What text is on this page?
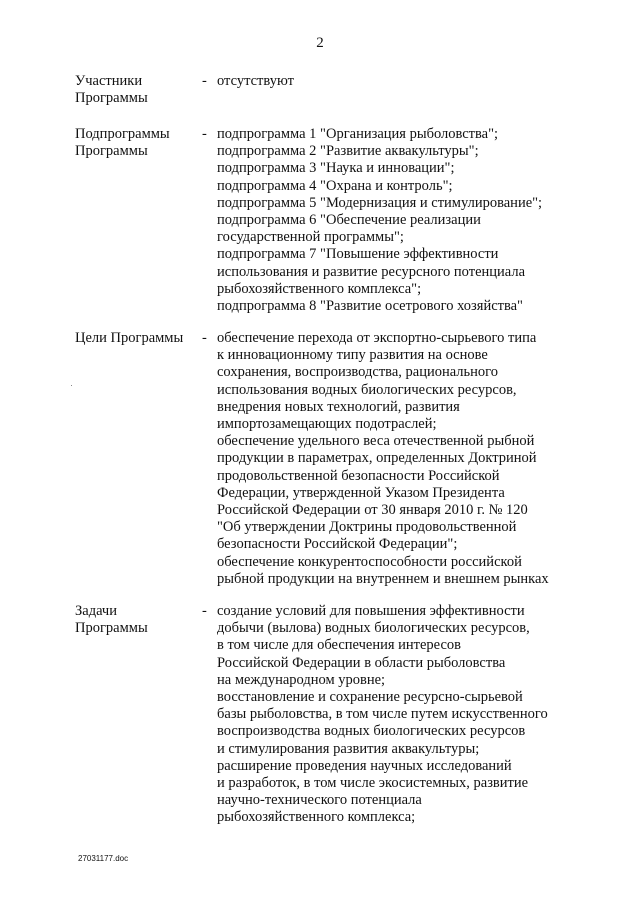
2
Участники
Программы
- отсутствуют
Подпрограммы
Программы
- подпрограмма 1 "Организация рыболовства";
подпрограмма 2 "Развитие аквакультуры";
подпрограмма 3 "Наука и инновации";
подпрограмма 4 "Охрана и контроль";
подпрограмма 5 "Модернизация и стимулирование";
подпрограмма 6 "Обеспечение реализации
государственной программы";
подпрограмма 7 "Повышение эффективности
использования и развитие ресурсного потенциала
рыбохозяйственного комплекса";
подпрограмма 8 "Развитие осетрового хозяйства"
Цели Программы	- обеспечение перехода от экспортно-сырьевого типа
к инновационному типу развития на основе
сохранения, воспроизводства, рационального
использования водных биологических ресурсов,
внедрения новых технологий, развития
импортозамещающих подотраслей;
обеспечение удельного веса отечественной рыбной
продукции в параметрах, определенных Доктриной
продовольственной безопасности Российской
Федерации, утвержденной Указом Президента
Российской Федерации от 30 января 2010 г. № 120
"Об утверждении Доктрины продовольственной
безопасности Российской Федерации";
обеспечение конкурентоспособности российской
рыбной продукции на внутреннем и внешнем рынках
Задачи
Программы
- создание условий для повышения эффективности
добычи (вылова) водных биологических ресурсов,
в том числе для обеспечения интересов
Российской Федерации в области рыболовства
на международном уровне;
восстановление и сохранение ресурсно-сырьевой
базы рыболовства, в том числе путем искусственного
воспроизводства водных биологических ресурсов
и стимулирования развития аквакультуры;
расширение проведения научных исследований
и разработок, в том числе экосистемных, развитие
научно-технического потенциала
рыбохозяйственного комплекса;
27031177.doc
